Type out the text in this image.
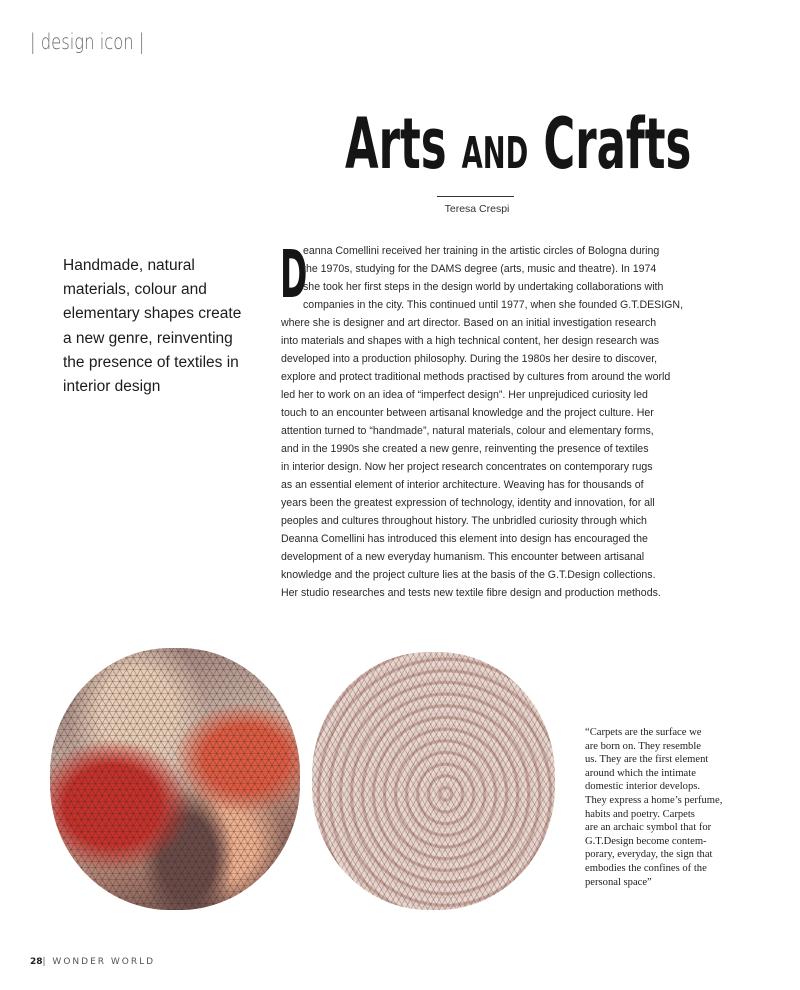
| design icon |
Arts AND Crafts
Teresa Crespi
Handmade, natural materials, colour and elementary shapes create a new genre, reinventing the presence of textiles in interior design
D
eanna Comellini received her training in the artistic circles of Bologna during
the 1970s, studying for the DAMS degree (arts, music and theatre). In 1974
she took her first steps in the design world by undertaking collaborations with
companies in the city. This continued until 1977, when she founded G.T.DESIGN,
where she is designer and art director. Based on an initial investigation research
into materials and shapes with a high technical content, her design research was
developed into a production philosophy. During the 1980s her desire to discover,
explore and protect traditional methods practised by cultures from around the world
led her to work on an idea of “imperfect design”. Her unprejudiced curiosity led
touch to an encounter between artisanal knowledge and the project culture. Her
attention turned to “handmade”, natural materials, colour and elementary forms,
and in the 1990s she created a new genre, reinventing the presence of textiles
in interior design. Now her project research concentrates on contemporary rugs
as an essential element of interior architecture. Weaving has for thousands of
years been the greatest expression of technology, identity and innovation, for all
peoples and cultures throughout history. The unbridled curiosity through which
Deanna Comellini has introduced this element into design has encouraged the
development of a new everyday humanism. This encounter between artisanal
knowledge and the project culture lies at the basis of the G.T.Design collections.
Her studio researches and tests new textile fibre design and production methods.
“Carpets are the surface we
are born on. They resemble
us. They are the first element
around which the intimate
domestic interior develops.
They express a home’s perfume,
habits and poetry. Carpets
are an archaic symbol that for
G.T.Design become contem-
porary, everyday, the sign that
embodies the confines of the
personal space”
28| WONDER WORLD
